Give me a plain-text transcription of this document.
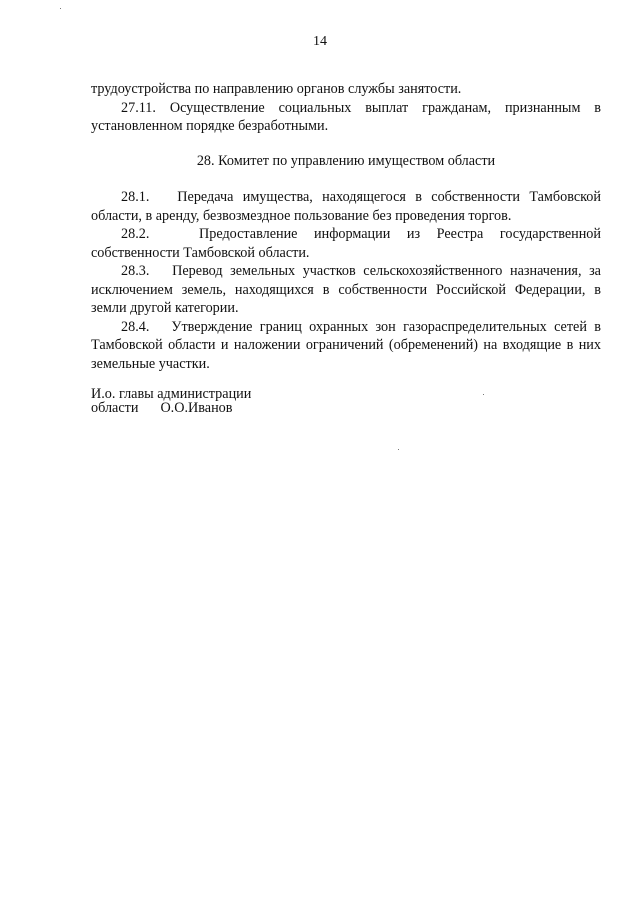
14

трудоустройства по направлению органов службы занятости.

27.11. Осуществление социальных выплат гражданам, признанным в установленном порядке безработными.

28. Комитет по управлению имуществом области

28.1.   Передача имущества, находящегося в собственности Тамбовской области, в аренду, безвозмездное пользование без проведения торгов.

28.2.   Предоставление информации из Реестра государственной собственности Тамбовской области.

28.3.   Перевод земельных участков сельскохозяйственного назначения, за исключением земель, находящихся в собственности Российской Федерации, в земли другой категории.

28.4.   Утверждение границ охранных зон газораспределительных сетей в Тамбовской области и наложении ограничений (обременений) на входящие в них земельные участки.

И.о. главы администрации
области О.О.Иванов
